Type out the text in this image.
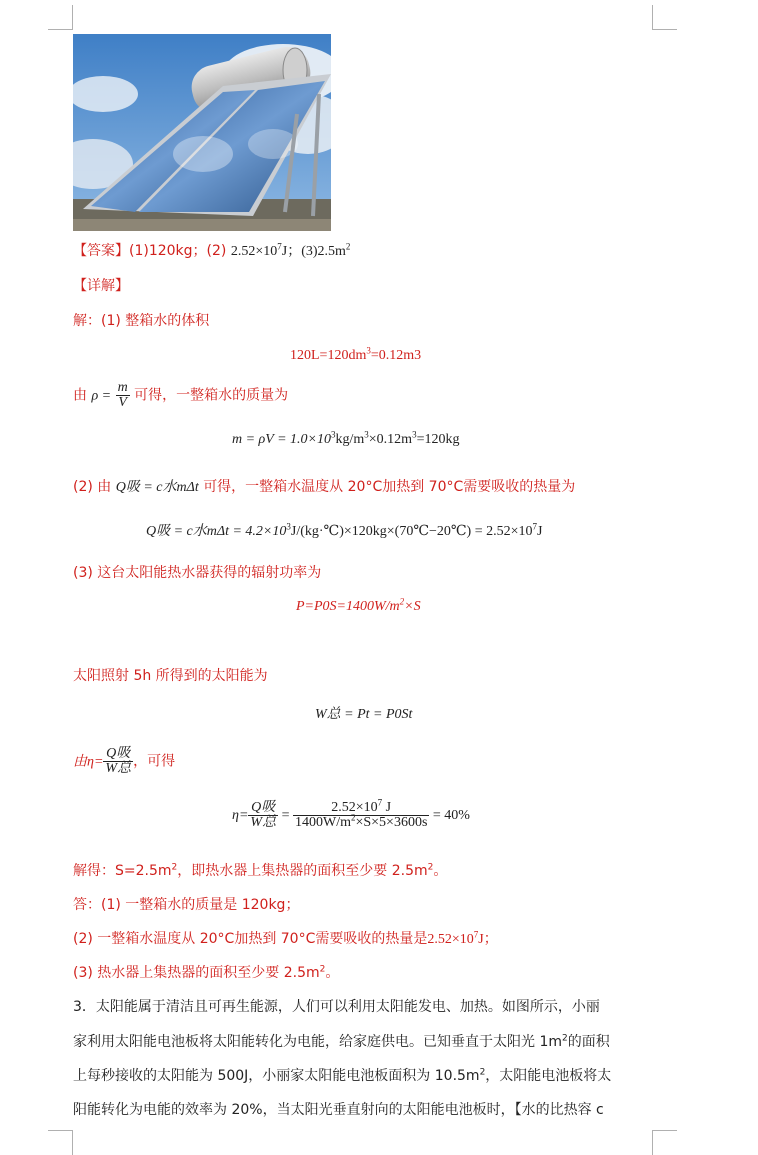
【答案】(1)120kg；(2) $2.52\times 10^7J$；$(3)2.5m^2$
【详解】
解：(1) 整箱水的体积
$120L=120dm^3=0.12m3$
由 $\rho = \frac{m}{V}$ 可得，一整箱水的质量为
$m = \rho V = 1.0\times 10^3kg/m^3\times 0.12m^3=120kg$
(2) 由 Q吸 = c水mΔt 可得，一整箱水温度从 20°C加热到 70°C需要吸收的热量为
Q吸 = c水$m\Delta t = 4.2\times 10^3J/(kg\cdot℃)\times 120kg\times(70℃-20℃) = 2.52\times 10^7J$
(3) 这台太阳能热水器获得的辐射功率为
$P=P0S=1400W/m^2\times S$
太阳照射 5h 所得到的太阳能为
W总 = Pt = P0St
由$\eta= \frac{\text{Q吸}}{\text{W总}}$ ，可得
$\eta= \frac{\text{Q吸}}{\text{W总}} = \frac{2.52\times 10^7 J}{1400W/m^2\times S\times 5\times 3600s} = 40\%$
解得：$S=2.5m^2$，即热水器上集热器的面积至少要 $2.5m^2$。
答：(1) 一整箱水的质量是 120kg；
(2) 一整箱水温度从 20°C加热到 70°C需要吸收的热量是$2.52\times 10^7J$；
(3) 热水器上集热器的面积至少要 $2.5m^2$。
3．太阳能属于清洁且可再生能源，人们可以利用太阳能发电、加热。如图所示，小丽
家利用太阳能电池板将太阳能转化为电能，给家庭供电。已知垂直于太阳光 $1m^2$的面积
上每秒接收的太阳能为 500J，小丽家太阳能电池板面积为 $10.5m^2$，太阳能电池板将太
阳能转化为电能的效率为 20%，当太阳光垂直射向的太阳能电池板时，【水的比热容 c
